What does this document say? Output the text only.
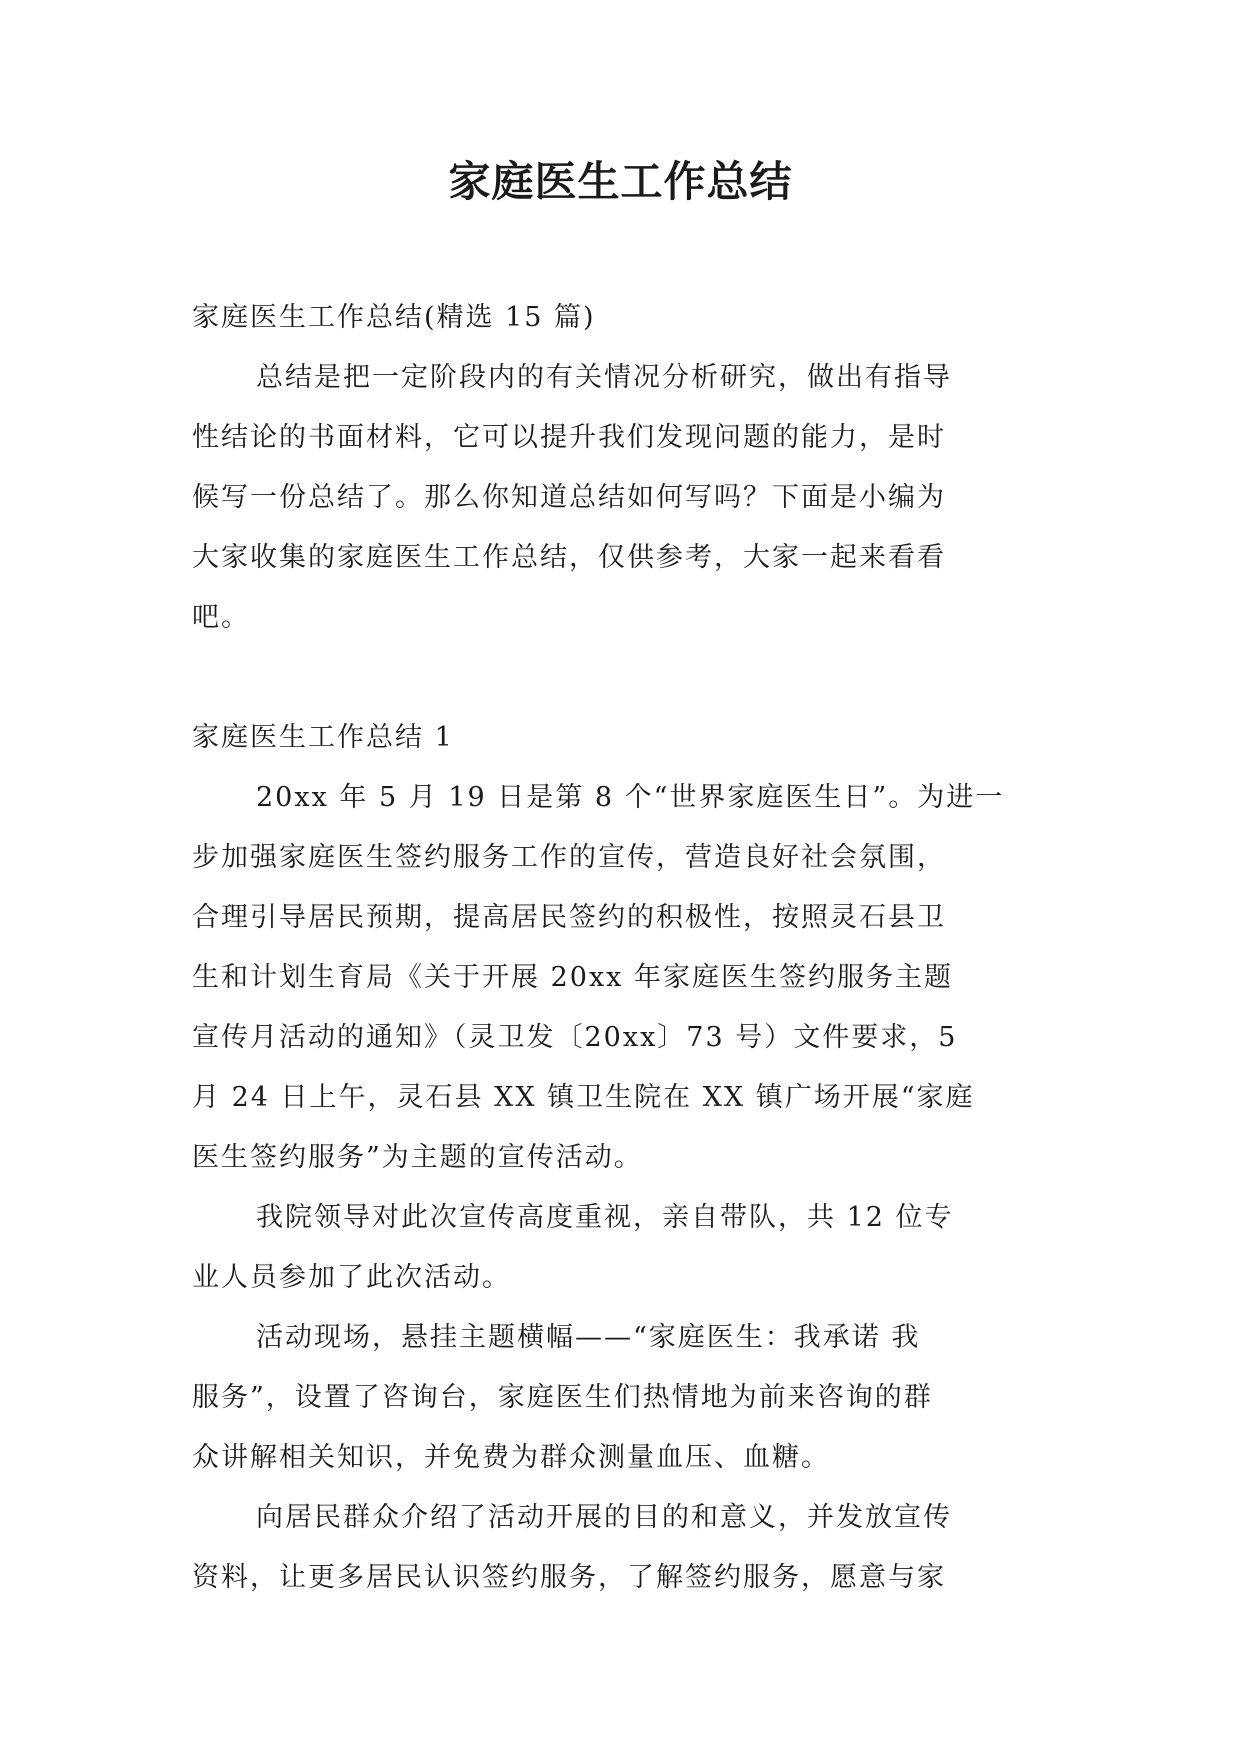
家庭医生工作总结

家庭医生工作总结(精选 15 篇)

总结是把一定阶段内的有关情况分析研究，做出有指导

性结论的书面材料，它可以提升我们发现问题的能力，是时

候写一份总结了。那么你知道总结如何写吗？下面是小编为

大家收集的家庭医生工作总结，仅供参考，大家一起来看看

吧。

家庭医生工作总结 1

20xx 年 5 月 19 日是第 8 个“世界家庭医生日”。为进一

步加强家庭医生签约服务工作的宣传，营造良好社会氛围，

合理引导居民预期，提高居民签约的积极性，按照灵石县卫

生和计划生育局《关于开展 20xx 年家庭医生签约服务主题

宣传月活动的通知》（灵卫发〔20xx〕73 号）文件要求，5

月 24 日上午，灵石县 XX 镇卫生院在 XX 镇广场开展“家庭

医生签约服务”为主题的宣传活动。

我院领导对此次宣传高度重视，亲自带队，共 12 位专

业人员参加了此次活动。

活动现场，悬挂主题横幅——“家庭医生：我承诺 我

服务”，设置了咨询台，家庭医生们热情地为前来咨询的群

众讲解相关知识，并免费为群众测量血压、血糖。

向居民群众介绍了活动开展的目的和意义，并发放宣传

资料，让更多居民认识签约服务，了解签约服务，愿意与家
